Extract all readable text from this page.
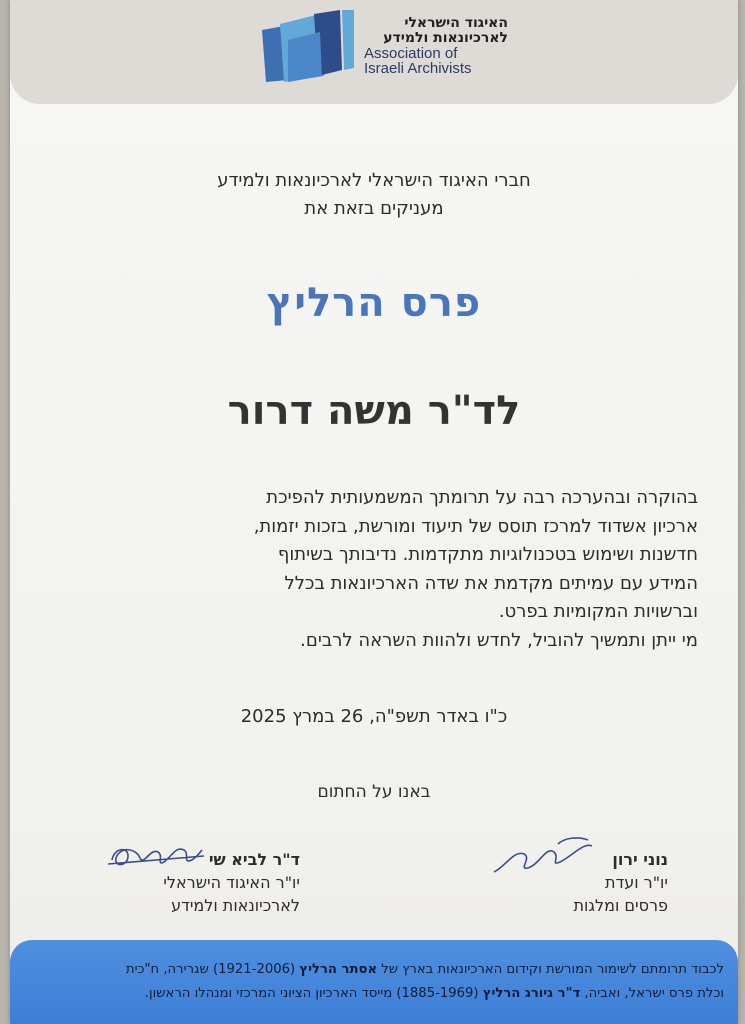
האיגוד הישראלי
לארכיונאות ולמידע
Association of
Israeli Archivists
חברי האיגוד הישראלי לארכיונאות ולמידע
מעניקים בזאת את
פרס הרליץ
לד"ר משה דרור
בהוקרה ובהערכה רבה על תרומתך המשמעותית להפיכת
ארכיון אשדוד למרכז תוסס של תיעוד ומורשת, בזכות יזמות,
חדשנות ושימוש בטכנולוגיות מתקדמות. נדיבותך בשיתוף
המידע עם עמיתים מקדמת את שדה הארכיונאות בכלל
וברשויות המקומיות בפרט.
מי ייתן ותמשיך להוביל, לחדש ולהוות השראה לרבים.
כ"ו באדר תשפ"ה, 26 במרץ 2025
באנו על החתום
נוני ירון
יו"ר ועדת
פרסים ומלגות
ד"ר לביא שי
יו"ר האיגוד הישראלי
לארכיונאות ולמידע
לכבוד תרומתם לשימור המורשת וקידום הארכיונאות בארץ של אסתר הרליץ (1921-2006) שגרירה, ח"כית
וכלת פרס ישראל, ואביה, ד"ר גיורג הרליץ (1885-1969) מייסד הארכיון הציוני המרכזי ומנהלו הראשון.
